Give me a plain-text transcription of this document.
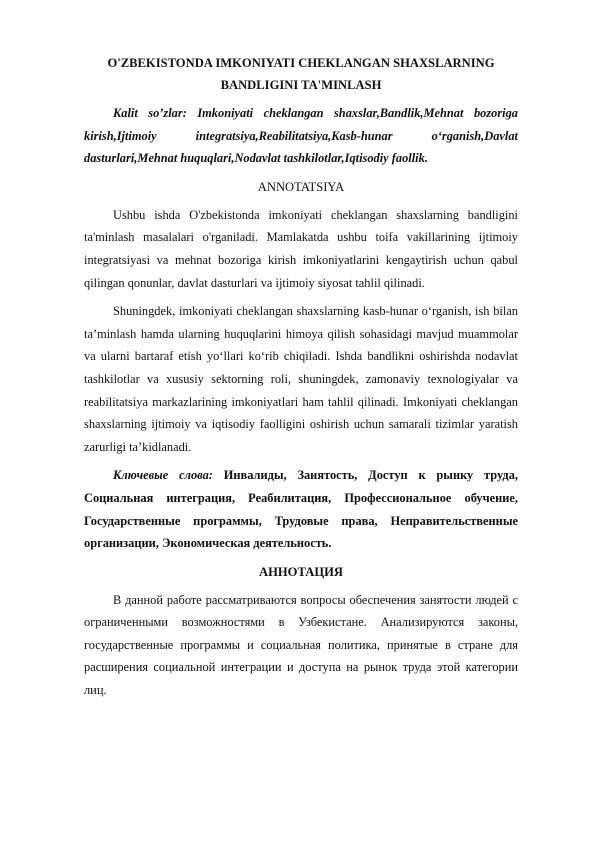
O'ZBEKISTONDA IMKONIYATI CHEKLANGAN SHAXSLARNING
BANDLIGINI TA'MINLASH

Kalit so’zlar: Imkoniyati cheklangan shaxslar,Bandlik,Mehnat bozoriga kirish,Ijtimoiy integratsiya,Reabilitatsiya,Kasb-hunar o‘rganish,Davlat dasturlari,Mehnat huquqlari,Nodavlat tashkilotlar,Iqtisodiy faollik.

ANNOTATSIYA

Ushbu ishda O'zbekistonda imkoniyati cheklangan shaxslarning bandligini ta'minlash masalalari o'rganiladi. Mamlakatda ushbu toifa vakillarining ijtimoiy integratsiyasi va mehnat bozoriga kirish imkoniyatlarini kengaytirish uchun qabul qilingan qonunlar, davlat dasturlari va ijtimoiy siyosat tahlil qilinadi.

Shuningdek, imkoniyati cheklangan shaxslarning kasb-hunar o‘rganish, ish bilan ta’minlash hamda ularning huquqlarini himoya qilish sohasidagi mavjud muammolar va ularni bartaraf etish yo‘llari ko‘rib chiqiladi. Ishda bandlikni oshirishda nodavlat tashkilotlar va xususiy sektorning roli, shuningdek, zamonaviy texnologiyalar va reabilitatsiya markazlarining imkoniyatlari ham tahlil qilinadi. Imkoniyati cheklangan shaxslarning ijtimoiy va iqtisodiy faolligini oshirish uchun samarali tizimlar yaratish zarurligi ta’kidlanadi.

Ключевые слова: Инвалиды, Занятость, Доступ к рынку труда, Социальная интеграция, Реабилитация, Профессиональное обучение, Государственные программы, Трудовые права, Неправительственные организации, Экономическая деятельность.

АННОТАЦИЯ

В данной работе рассматриваются вопросы обеспечения занятости людей с ограниченными возможностями в Узбекистане. Анализируются законы, государственные программы и социальная политика, принятые в стране для расширения социальной интеграции и доступа на рынок труда этой категории лиц.
